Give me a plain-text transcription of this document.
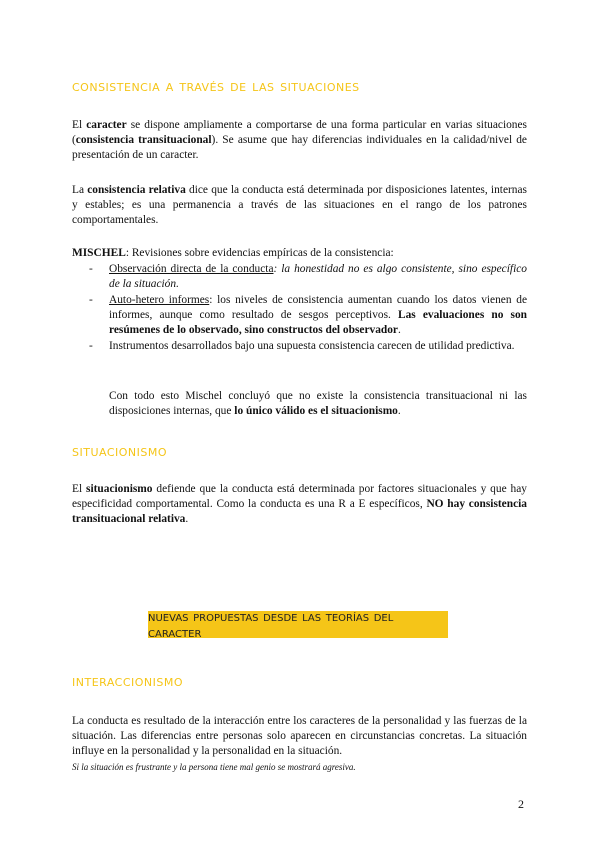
consistencia a través de las situaciones

El caracter se dispone ampliamente a comportarse de una forma particular en varias situaciones (consistencia transituacional). Se asume que hay diferencias individuales en la calidad/nivel de presentación de un caracter.

La consistencia relativa dice que la conducta está determinada por disposiciones latentes, internas y estables; es una permanencia a través de las situaciones en el rango de los patrones comportamentales.

MISCHEL: Revisiones sobre evidencias empíricas de la consistencia:

- Observación directa de la conducta: la honestidad no es algo consistente, sino específico de la situación.
- Auto-hetero informes: los niveles de consistencia aumentan cuando los datos vienen de informes, aunque como resultado de sesgos perceptivos. Las evaluaciones no son resúmenes de lo observado, sino constructos del observador.
- Instrumentos desarrollados bajo una supuesta consistencia carecen de utilidad predictiva.

Con todo esto Mischel concluyó que no existe la consistencia transituacional ni las disposiciones internas, que lo único válido es el situacionismo.

situacionismo

El situacionismo defiende que la conducta está determinada por factores situacionales y que hay especificidad comportamental. Como la conducta es una R a E específicos, NO hay consistencia transituacional relativa.

nuevas propuestas desde las teorías del caracter
interaccionismo

La conducta es resultado de la interacción entre los caracteres de la personalidad y las fuerzas de la situación. Las diferencias entre personas solo aparecen en circunstancias concretas. La situación influye en la personalidad y la personalidad en la situación.

Si la situación es frustrante y la persona tiene mal genio se mostrará agresiva.
2
